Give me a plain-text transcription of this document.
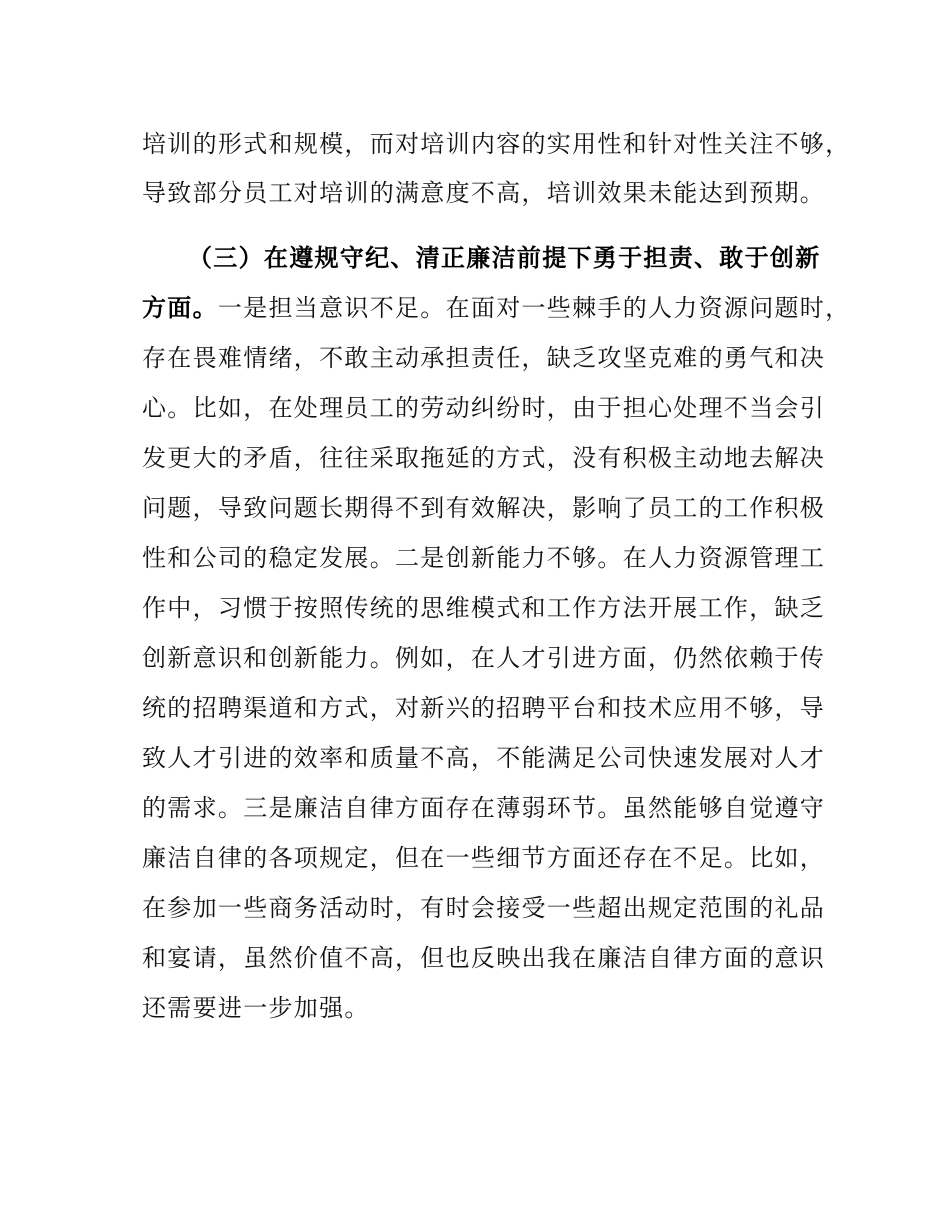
培训的形式和规模，而对培训内容的实用性和针对性关注不够，
导致部分员工对培训的满意度不高，培训效果未能达到预期。
（三）在遵规守纪、清正廉洁前提下勇于担责、敢于创新
方面。一是担当意识不足。在面对一些棘手的人力资源问题时，
存在畏难情绪，不敢主动承担责任，缺乏攻坚克难的勇气和决
心。比如，在处理员工的劳动纠纷时，由于担心处理不当会引
发更大的矛盾，往往采取拖延的方式，没有积极主动地去解决
问题，导致问题长期得不到有效解决，影响了员工的工作积极
性和公司的稳定发展。二是创新能力不够。在人力资源管理工
作中，习惯于按照传统的思维模式和工作方法开展工作，缺乏
创新意识和创新能力。例如，在人才引进方面，仍然依赖于传
统的招聘渠道和方式，对新兴的招聘平台和技术应用不够，导
致人才引进的效率和质量不高，不能满足公司快速发展对人才
的需求。三是廉洁自律方面存在薄弱环节。虽然能够自觉遵守
廉洁自律的各项规定，但在一些细节方面还存在不足。比如，
在参加一些商务活动时，有时会接受一些超出规定范围的礼品
和宴请，虽然价值不高，但也反映出我在廉洁自律方面的意识
还需要进一步加强。
